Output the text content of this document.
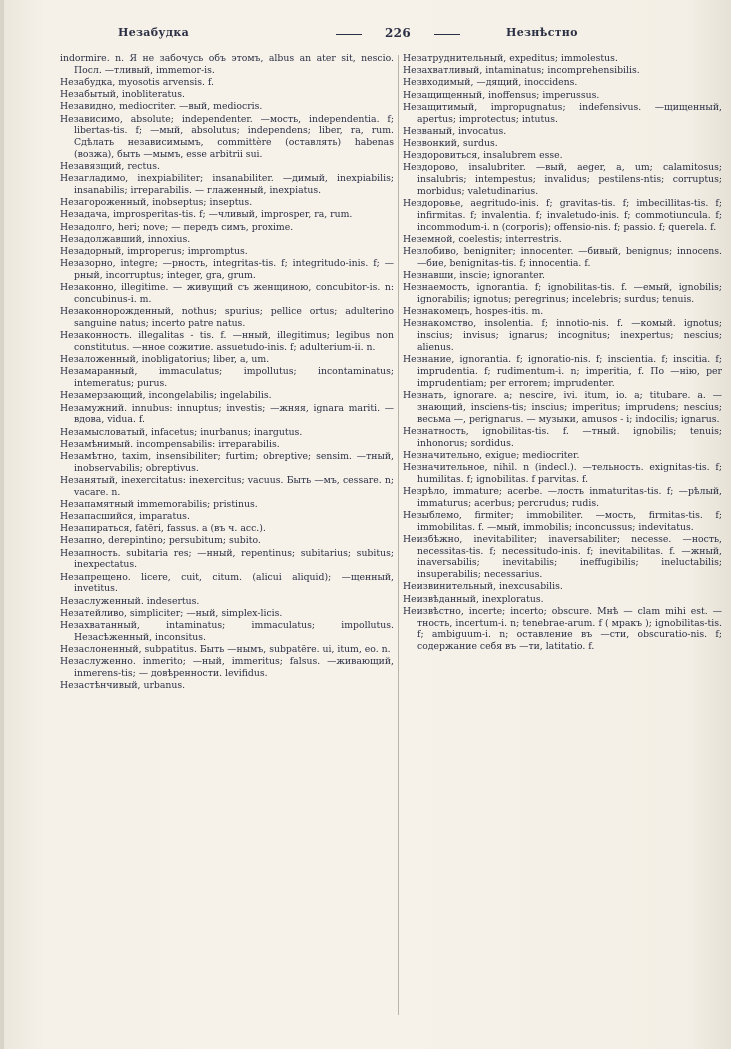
Незабудка	226	Незнѣстно

indormire. n. Я не забочусь объ этомъ, albus an ater sit, nescio. Посл. —тливый, immemor-is.

Незабудка, myosotis arvensis. f.

Незабытый, inobliteratus.

Незавидно, mediocriter. —вый, mediocris.

Незавиcимо, absolute; independenter. —мость, independentia. f; libertas-tis. f; —мый, absolutus; independens; liber, ra, rum. Сдѣлать независимымъ, committère (оставлять) habenas (возжа), быть —мымъ, esse arbitrii sui.

Незавязщий, rectus.

Незагладимо, inexpiabiliter; insanabiliter. —димый, inexpiabilis; insanabilis; irreparabilis. — глаженный, inexpiatus.

Незагороженный, inobseptus; inseptus.

Незадача, improsperitas-tis. f; —чливый, improsper, ra, rum.

Незадолго, heri; nove; — передъ симъ, proxime.

Незадолжавший, innoxius.

Незадорный, improperus; impromptus.

Незазорно, integre; —рность, integritas-tis. f; integritudo-inis. f; —рный, incorruptus; integer, gra, grum.

Незаконно, illegitime. — живущий съ женщиною, concubitor-is. n: concubinus-i. m.

Незаконнорожденный, nothus; spurius; pellice ortus; adulterino sanguine natus; incerto patre natus.

Незаконность. illegalitas - tis. f. —нный, illegitimus; legibus non constitutus. —нное сожитие. assuetudo-inis. f; adulterium-ii. n.

Незаложенный, inobligatorius; liber, a, um.

Незамаранный, immaculatus; impollutus; incontaminatus; intemeratus; purus.

Незамерзающий, incongelabilis; ingelabilis.

Незамужний. innubus: innuptus; investis; —жняя, ignara mariti. — вдова, vidua. f.

Незамысловатый, infacetus; inurbanus; inargutus.

Незамѣнимый. incompensabilis: irreparabilis.

Незамѣтно, taxim, insensibiliter; furtim; obreptive; sensim. —тный, inobservabilis; obreptivus.

Незанятый, inexercitatus: inexercitus; vacuus. Быть —мъ, cessare. n; vacare. n.

Незапамятный immemorabilis; pristinus.

Незапасшийся, imparatus.

Незапираться, fatēri, fassus. a (въ ч. acc.).

Незапно, derepintino; persubitum; subito.

Незапность. subitaria res; —нный, repentinus; subitarius; subitus; inexpectatus.

Незапрещено. licere, cuit, citum. (alicui aliquid); —щенный, invetitus.

Незаслуженный. indesertus.

Незатейливо, simpliciter; —ный, simplex-licis.

Незахватанный, intaminatus; immaculatus; impollutus. Незасѣженный, inconsitus.

Незаслоненный, subpatitus. Быть —нымъ, subpatēre. ui, itum, eo. n.

Незаслуженно. inmerito; —ный, immeritus; falsus. —живающий, inmerens-tis; — довѣренности. levifidus.

Незастѣнчивый, urbanus.

Незатруднительный, expeditus; immolestus.

Незахватливый, intaminatus; incomprehensibilis.

Незвходимый, —дящий, inoccidens.

Незащищенный, inoffensus; imperussus.

Незащитимый, impropugnatus; indefensivus. —щищенный, apertus; improtectus; intutus.

Незваный, invocatus.

Незвонкий, surdus.

Нездоровиться, insalubrem esse.

Нездорово, insalubriter. —вый, aeger, a, um; calamitosus; insalubris; intempestus; invalidus; pestilens-ntis; corruptus; morbidus; valetudinarius.

Нездоровье, aegritudo-inis. f; gravitas-tis. f; imbecillitas-tis. f; infirmitas. f; invalentia. f; invaletudo-inis. f; commotiuncula. f; incommodum-i. n (corporis); offensio-nis. f; passio. f; querela. f.

Неземной, coelestis; interrestris.

Незлобиво, benigniter; innocenter. —бивый, benignus; innocens. —бие, benignitas-tis. f; innocentia. f.

Незнавши, inscie; ignoranter.

Незнаемость, ignorantia. f; ignobilitas-tis. f. —емый, ignobilis; ignorabilis; ignotus; peregrinus; incelebris; surdus; tenuis.

Незнакомецъ, hospes-itis. m.

Незнакомство, insolentia. f; innotio-nis. f. —комый. ignotus; inscius; invisus; ignarus; incognitus; inexpertus; nescius; alienus.

Незнание, ignorantia. f; ignoratio-nis. f; inscientia. f; inscitia. f; imprudentia. f; rudimentum-i. n; imperitia, f. По —нію, per imprudentiam; per errorem; imprudenter.

Незнать, ignorare. a; nescire, ivi. itum, io. a; titubare. a. — знающий, insciens-tis; inscius; imperitus; imprudens; nescius; весьма —, perignarus. — музыки, amusos - i; indocilis; ignarus.

Незнатность, ignobilitas-tis. f. —тный. ignobilis; tenuis; inhonorus; sordidus.

Незначительно, exigue; mediocriter.

Незначительное, nihil. n (indecl.). —тельность. exignitas-tis. f; humilitas. f; ignobilitas. f parvitas. f.

Незрѣло, immature; acerbe. —лость inmaturitas-tis. f; —рѣлый, immaturus; acerbus; percrudus; rudis.

Незыблемо, firmiter; immobiliter. —мость, firmitas-tis. f; immobilitas. f. —мый, immobilis; inconcussus; indevitatus.

Неизбѣжно, inevitabiliter; inaversabiliter; necesse. —ность, necessitas-tis. f; necessitudo-inis. f; inevitabilitas. f. —жный, inaversabilis; inevitabilis; ineffugibilis; ineluctabilis; insuperabilis; necessarius.

Неизвинительный, inexcusabilis.

Неизвѣданный, inexploratus.

Неизвѣстно, incerte; incerto; obscure. Мнѣ — clam mihi est. —тность, incertum-i. n; tenebrae-arum. f ( мракъ ); ignobilitas-tis. f; ambiguum-i. n; оставление въ —сти, obscuratio-nis. f; содержание себя въ —ти, latitatio. f.
